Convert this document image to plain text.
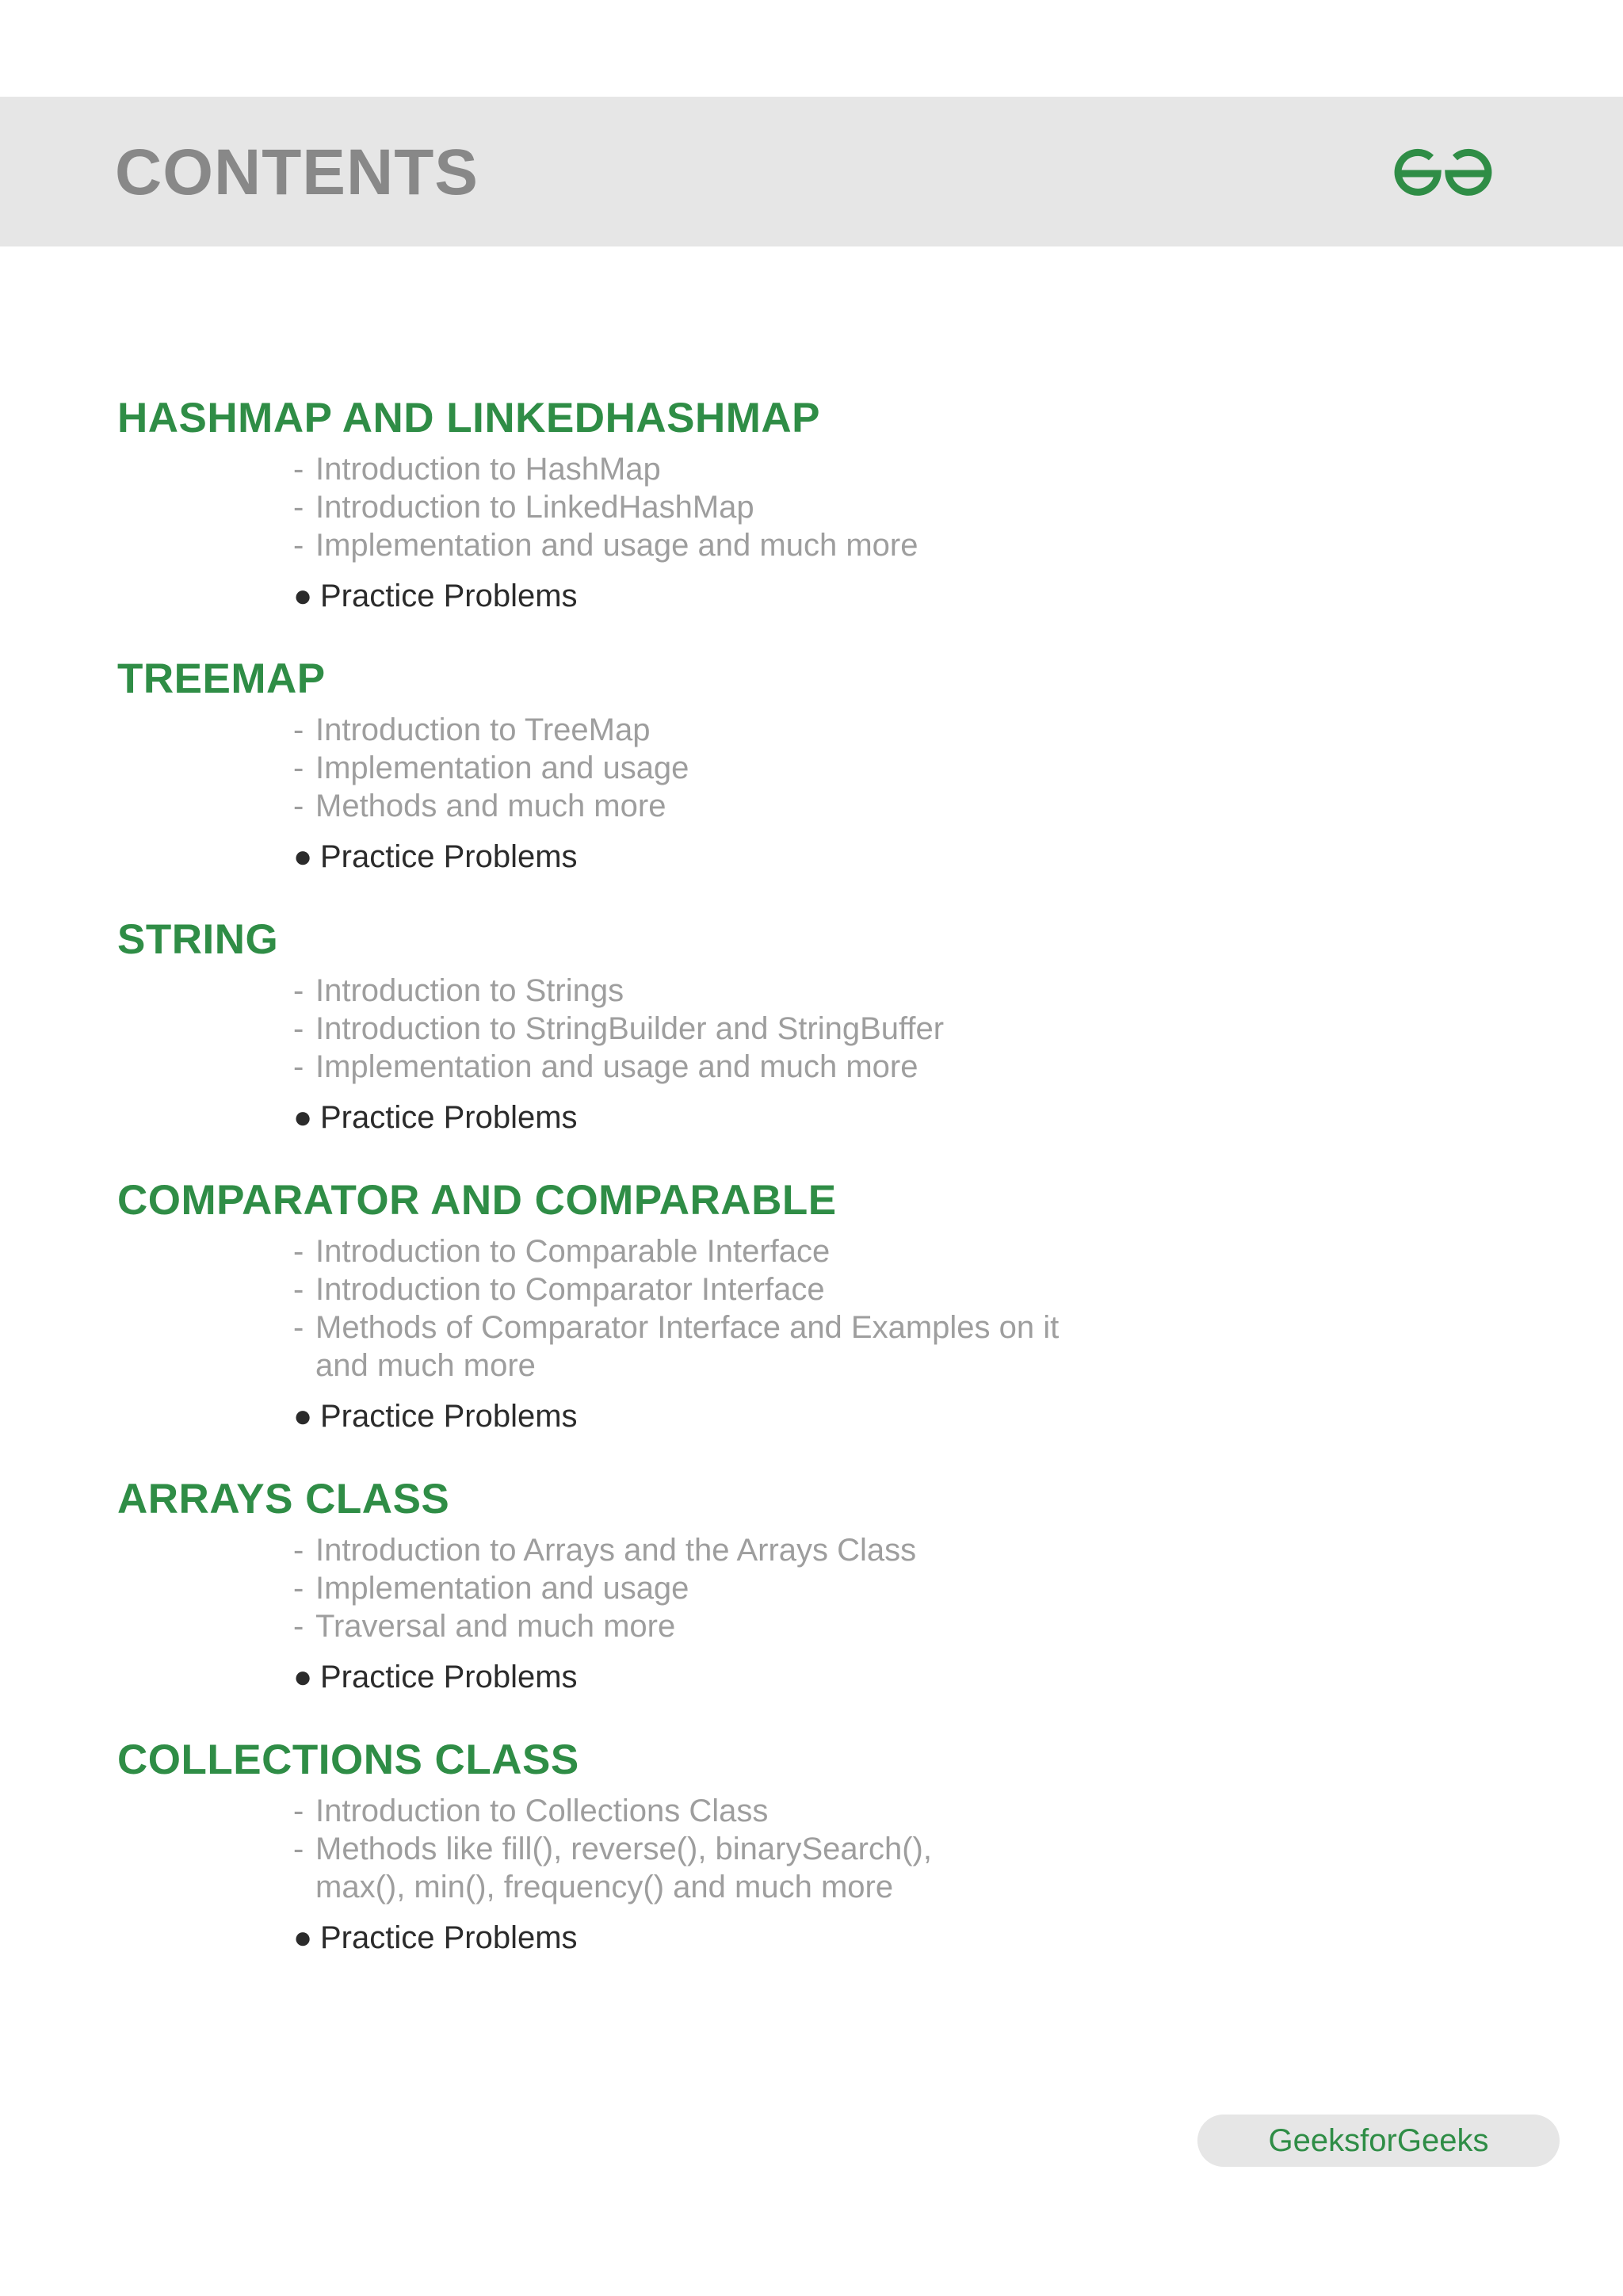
CONTENTS
HASHMAP AND LINKEDHASHMAP
- Introduction to HashMap
- Introduction to LinkedHashMap
- Implementation and usage and much more
● Practice Problems
TREEMAP
- Introduction to TreeMap
- Implementation and usage
- Methods and much more
● Practice Problems
STRING
- Introduction to Strings
- Introduction to StringBuilder and StringBuffer
- Implementation and usage and much more
● Practice Problems
COMPARATOR AND COMPARABLE
- Introduction to Comparable Interface
- Introduction to Comparator Interface
- Methods of Comparator Interface and Examples on it
and much more
● Practice Problems
ARRAYS CLASS
- Introduction to Arrays and the Arrays Class
- Implementation and usage
- Traversal and much more
● Practice Problems
COLLECTIONS CLASS
- Introduction to Collections Class
- Methods like fill(), reverse(), binarySearch(),
max(), min(), frequency() and much more
● Practice Problems
GeeksforGeeks
